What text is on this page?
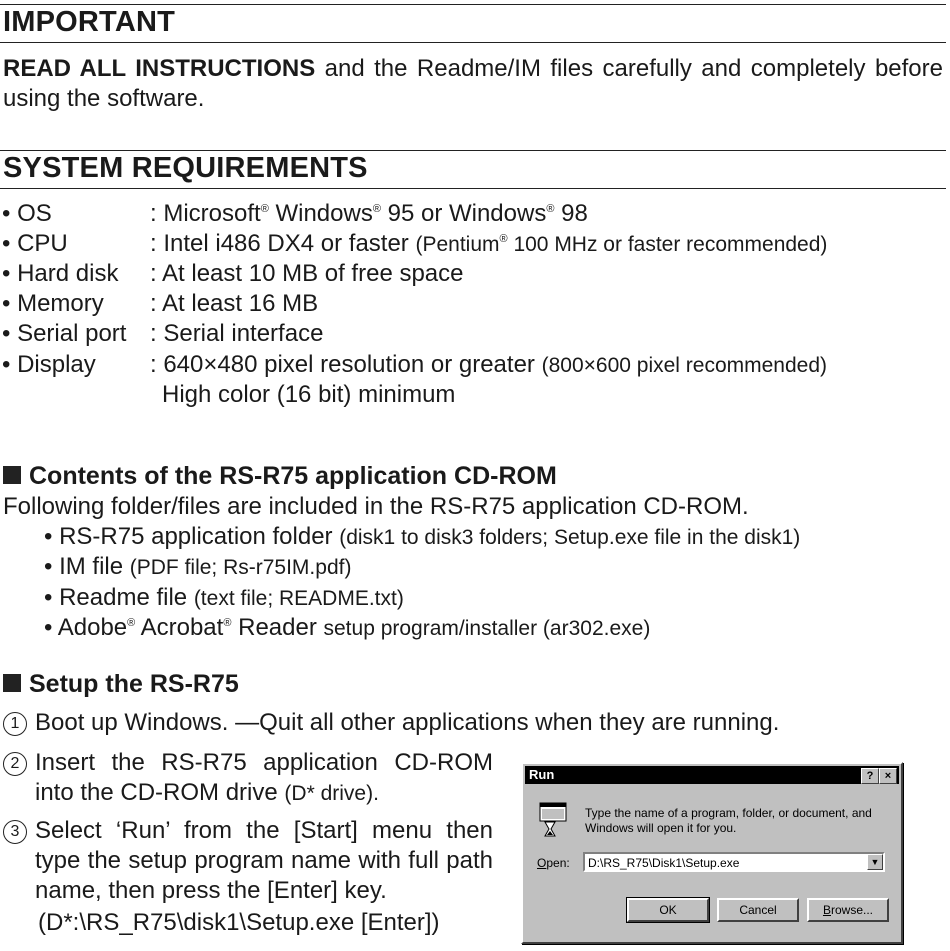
IMPORTANT
READ ALL INSTRUCTIONS and the Readme/IM files carefully and completely before using the software.
SYSTEM REQUIREMENTS
• OS	: Microsoft® Windows® 95 or Windows® 98
• CPU	: Intel i486 DX4 or faster (Pentium® 100 MHz or faster recommended)
• Hard disk : At least 10 MB of free space
• Memory : At least 16 MB
• Serial port : Serial interface
• Display : 640×480 pixel resolution or greater (800×600 pixel recommended)
High color (16 bit) minimum
Contents of the RS-R75 application CD-ROM
Following folder/files are included in the RS-R75 application CD-ROM.
• RS-R75 application folder (disk1 to disk3 folders; Setup.exe file in the disk1)
• IM file (PDF file; Rs-r75IM.pdf)
• Readme file (text file; README.txt)
• Adobe® Acrobat® Reader setup program/installer (ar302.exe)
Setup the RS-R75
1 Boot up Windows. —Quit all other applications when they are running.
2 Insert the RS-R75 application CD-ROM into the CD-ROM drive (D* drive).
3 Select ‘Run’ from the [Start] menu then type the setup program name with full path name, then press the [Enter] key.
(D*:\RS_R75\disk1\Setup.exe [Enter])
Run	?	×
Type the name of a program, folder, or document, and Windows will open it for you.
Open: D:\RS_R75\Disk1\Setup.exe	▼
OK	Cancel	Browse...
